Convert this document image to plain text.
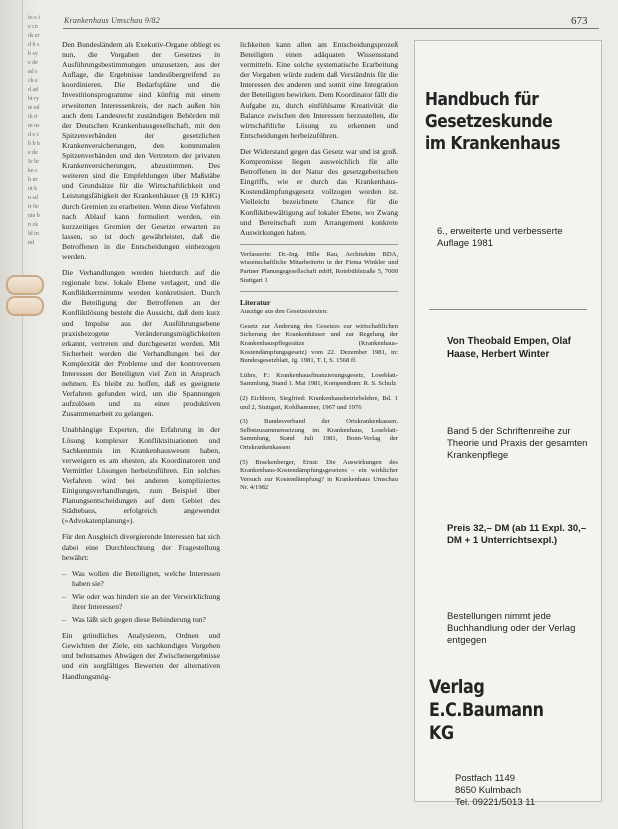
io e ie cn ds er d h s b sy e de ad s ck ed ad ht ry ie ed ih rt m ns d e ch b be de Ie hr ke ch nr nt ku sd ir 0e nie bn ck ld in nd
Krankenhaus Umschau 9/82	673

Den Bundesländern als Exekutiv-Organe obliegt es nun, die Vorgaben der Gesetzes in Ausführungsbestimmungen umzusetzen, aus der Auflage, die Ergebnisse landesübergreifend zu koordinieren. Die Bedarfspläne und die Investitionsprogramme sind künftig mit einem erweiterten Interessenkreis, der nach außen hin auch dem Landesrecht zuständigen Behörden mit der Deutschen Krankenhausgesellschaft, mit den Spitzenverbänden der gesetzlichen Krankenversicherungen, den kommunalen Spitzenverbänden und den Vertretern der privaten Krankenversicherungen, abzustimmen. Des weiteren sind die Empfehlungen über Maßstäbe und Grundsätze für die Wirtschaftlichkeit und Leistungsfähigkeit der Krankenhäuser (§ 19 KHG) durch Gremien zu erarbeiten. Wenn diese Verfahren nach Ablauf kann formuliert werden, ein kurzzeitiges Gremien der Gesetze erwarten zu lassen, so ist doch gewährleistet, daß die Betroffenen in die Entscheidungen einbezogen werden.

Die Verhandlungen werden hierdurch auf die regionale bzw. lokale Ebene verlagert, und die Konfliktkerrnimmte werden konkretisiert. Durch die Beteiligung der Betroffenen an der Konfliktlösung besteht die Aussicht, daß dem kurz und Impulse aus der Ausführungsebene praxisbezogene Veränderungsmöglichkeiten erkannt, vertreten und durchgesetzt werden. Mit Sicherheit werden die Verhandlungen bei der Komplexität der Probleme und der kontroversen Interessen der Beteiligten viel Zeit in Anspruch nehmen. Es bleibt zu hoffen, daß es geeignete Verfahren gefunden wird, um die Spannungen aufzulösen und zu einer produktiven Zusammenarbeit zu gelangen.

Unabhängige Experten, die Erfahrung in der Lösung komplexer Konfliktsituationen und Sachkenntnis im Krankenhauswesen haben, verweigern es am ehesten, als Koordinatoren und Vermittler Lösungen herbeizuführen. Ein solches Verfahren wird bei anderen kompliziertes Einigungsverhandlungen, zum Beispiel über Planungsentscheidungen auf dem Gebiet des Städtebaus, erfolgreich angewendet (»Advokatenplanung«).

Für den Ausgleich divergierende Interessen hat sich dabei eine Durchleuchtung der Fragestellung bewährt:

– Was wollen die Beteiligten, welche Interessen haben sie?
– Wie oder was hindert sie an der Verwirklichung ihrer Interessen?
– Was läßt sich gegen diese Behinderung tun?

Ein gründliches Analysieren, Ordnen und Gewichten der Ziele, ein sachkundiges Vorgehen und behutsames Abwägen der Zwischenergebnisse und ein sorgfältiges Bewerten der alternativen Handlungsmög-

lichkeiten kann allen am Entscheidungsprozeß Beteiligten einen adäquaten Wissensstand vermitteln. Eine solche systematische Erarbeitung der Vorgaben würde zudem daß Verständnis für die Interessen des anderen und somit eine Integration der Beteiligten bewirken. Dem Koordinator fällt die Aufgabe zu, durch einfühlsame Kreativität die Balance zwischen den Interessen herzustellen, die wirtschaftliche Lösung zu erkennen und Entscheidungen herbeizuführen.

Der Widerstand gegen das Gesetz war und ist groß. Kompromisse liegen ausweichlich für alle Betroffenen in der Natur des gesetzgeberischen Eingriffs, wie er durch das Krankenhaus-Kostendämpfungsgesetz vollzogen worden ist. Vielleicht bezeichnete Chance für die Konfliktbewältigung auf lokaler Ebene, wo Zwang und Bereitschaft zum Arrangement konkrete Auswirkungen haben.

Verfasserin: Dr.-Ing. Hille Rau, Architektin BDA, wissenschaftliche Mitarbeiterin in der Firma Winkler und Partner Planungsgesellschaft mbH, Rotebühlstraße 5, 7000 Stuttgart 1

Literatur

Auszüge aus den Gesetzestexten:

Gesetz zur Änderung des Gesetzes zur wirtschaftlichen Sicherung der Krankenhäuser und zur Regelung der Krankenhauspflegesätze (Krankenhaus-Kostendämpfungsgesetz) vom 22. Dezember 1981, in: Bundesgesetzblatt, Jg. 1981, T. I, S. 1568 ff.

Lührs, F.: Krankenhausfinanzierungsgesetz, Loseblatt-Sammlung, Stand 1. Mai 1981, Kompendium: R. S. Schulz

(2) Eichhorn, Siegfried: Krankenhausbetriebslehre, Bd. 1 und 2, Stuttgart, Kohlhammer, 1967 und 1976

(3) Bundesverband der Ortskrankenkassen. Selbstzusammensetzung im Krankenhaus, Loseblatt-Sammlung, Stand Juli 1981, Bonn-Verlag der Ortskrankenkassen

(5) Brackenberger, Ernst: Die Auswirkungen des Krankenhaus-Kostendämpfungsgesetzes – ein wirklicher Versuch zur Kostendämpfung? in Krankenhaus Umschau Nr. 4/1982

Handbuch für Gesetzeskunde im Krankenhaus
6., erweiterte und verbesserte Auflage 1981
Von Theobald Empen, Olaf Haase, Herbert Winter
Band 5 der Schriftenreihe zur Theorie und Praxis der gesamten Krankenpflege
Preis 32,– DM (ab 11 Expl. 30,– DM + 1 Unterrichtsexpl.)
Bestellungen nimmt jede Buchhandlung oder der Verlag entgegen
Verlag E.C.Baumann KG
Postfach 1149
8650 Kulmbach
Tel. 09221/5013 11
